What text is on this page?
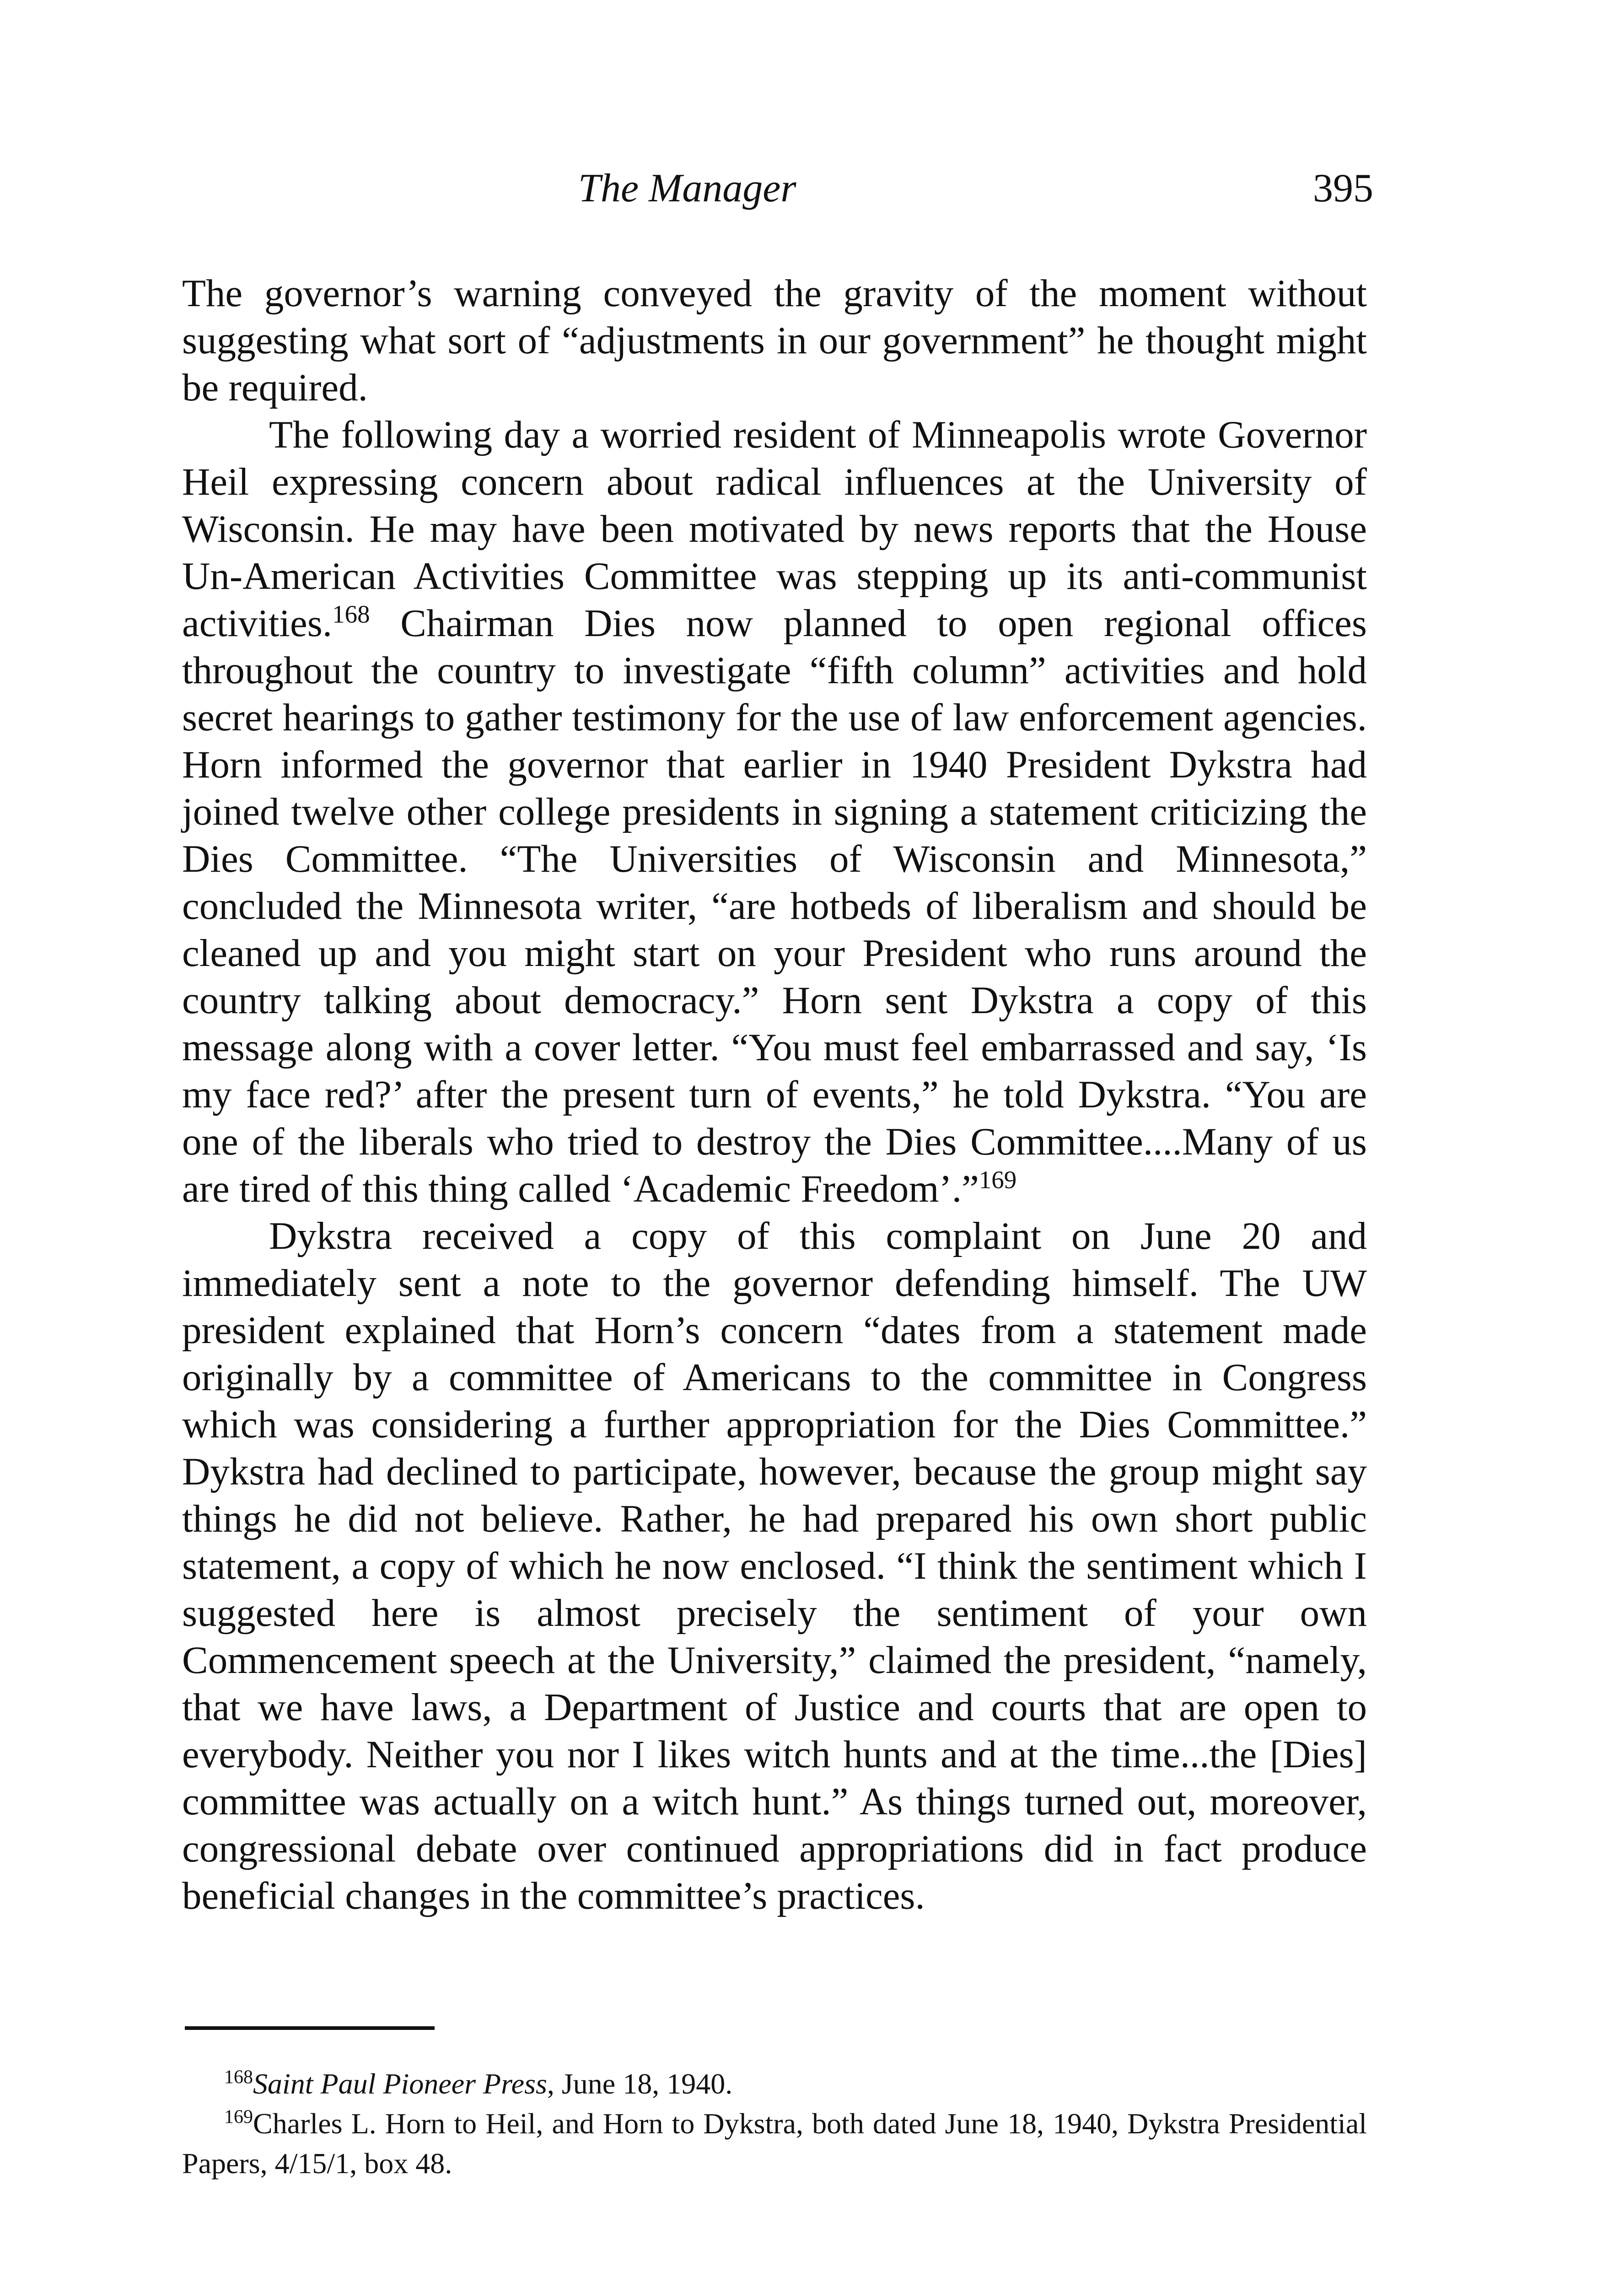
The Manager	395

The governor’s warning conveyed the gravity of the moment without suggesting what sort of “adjustments in our government” he thought might be required.

The following day a worried resident of Minneapolis wrote Governor Heil expressing concern about radical influences at the University of Wisconsin. He may have been motivated by news reports that the House Un-American Activities Committee was stepping up its anti-communist activities.$^{168}$ Chairman Dies now planned to open regional offices throughout the country to investigate “fifth column” activities and hold secret hearings to gather testimony for the use of law enforcement agencies. Horn informed the governor that earlier in 1940 President Dykstra had joined twelve other college presidents in signing a statement criticizing the Dies Committee. “The Universities of Wisconsin and Minnesota,” concluded the Minnesota writer, “are hotbeds of liberalism and should be cleaned up and you might start on your President who runs around the country talking about democracy.” Horn sent Dykstra a copy of this message along with a cover letter. “You must feel embarrassed and say, ‘Is my face red?’ after the present turn of events,” he told Dykstra. “You are one of the liberals who tried to destroy the Dies Committee....Many of us are tired of this thing called ‘Academic Freedom’.”$^{169}$

Dykstra received a copy of this complaint on June 20 and immediately sent a note to the governor defending himself. The UW president explained that Horn’s concern “dates from a statement made originally by a committee of Americans to the committee in Congress which was considering a further appropriation for the Dies Committee.” Dykstra had declined to participate, however, because the group might say things he did not believe. Rather, he had prepared his own short public statement, a copy of which he now enclosed. “I think the sentiment which I suggested here is almost precisely the sentiment of your own Commencement speech at the University,” claimed the president, “namely, that we have laws, a Department of Justice and courts that are open to everybody. Neither you nor I likes witch hunts and at the time...the [Dies] committee was actually on a witch hunt.” As things turned out, moreover, congressional debate over continued appropriations did in fact produce beneficial changes in the committee’s practices.

$^{168}$Saint Paul Pioneer Press, June 18, 1940.

$^{169}$Charles L. Horn to Heil, and Horn to Dykstra, both dated June 18, 1940, Dykstra Presidential Papers, 4/15/1, box 48.
